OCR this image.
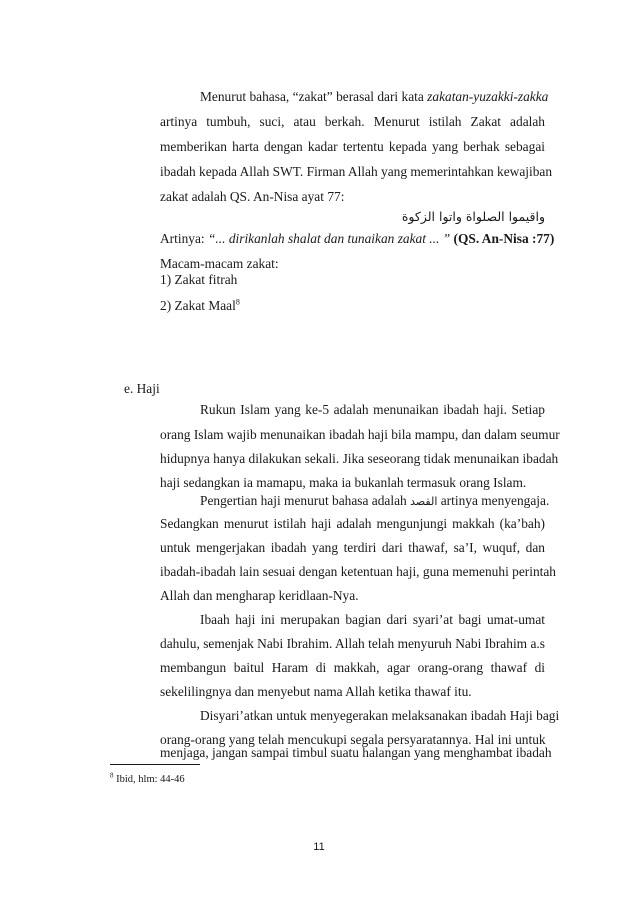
Menurut bahasa, “zakat” berasal dari kata zakatan-yuzakki-zakka
artinya tumbuh, suci, atau berkah. Menurut istilah Zakat adalah
memberikan harta dengan kadar tertentu kepada yang berhak sebagai
ibadah kepada Allah SWT. Firman Allah yang memerintahkan kewajiban
zakat adalah QS. An-Nisa ayat 77:
واقيموا الصلواة واتوا الزكوة
Artinya: “... dirikanlah shalat dan tunaikan zakat ... ” (QS. An-Nisa :77)
Macam-macam zakat:
1) Zakat fitrah
2) Zakat Maal$^8$
e. Haji
Rukun Islam yang ke-5 adalah menunaikan ibadah haji. Setiap
orang Islam wajib menunaikan ibadah haji bila mampu, dan dalam seumur
hidupnya hanya dilakukan sekali. Jika seseorang tidak menunaikan ibadah
haji sedangkan ia mamapu, maka ia bukanlah termasuk orang Islam.
Pengertian haji menurut bahasa adalah القصد artinya menyengaja.
Sedangkan menurut istilah haji adalah mengunjungi makkah (ka’bah)
untuk mengerjakan ibadah yang terdiri dari thawaf, sa’I, wuquf, dan
ibadah-ibadah lain sesuai dengan ketentuan haji, guna memenuhi perintah
Allah dan mengharap keridlaan-Nya.
Ibaah haji ini merupakan bagian dari syari’at bagi umat-umat
dahulu, semenjak Nabi Ibrahim. Allah telah menyuruh Nabi Ibrahim a.s
membangun baitul Haram di makkah, agar orang-orang thawaf di
sekelilingnya dan menyebut nama Allah ketika thawaf itu.
Disyari’atkan untuk menyegerakan melaksanakan ibadah Haji bagi
orang-orang yang telah mencukupi segala persyaratannya. Hal ini untuk
menjaga, jangan sampai timbul suatu halangan yang menghambat ibadah
$^8$ Ibid, hlm: 44-46
11
